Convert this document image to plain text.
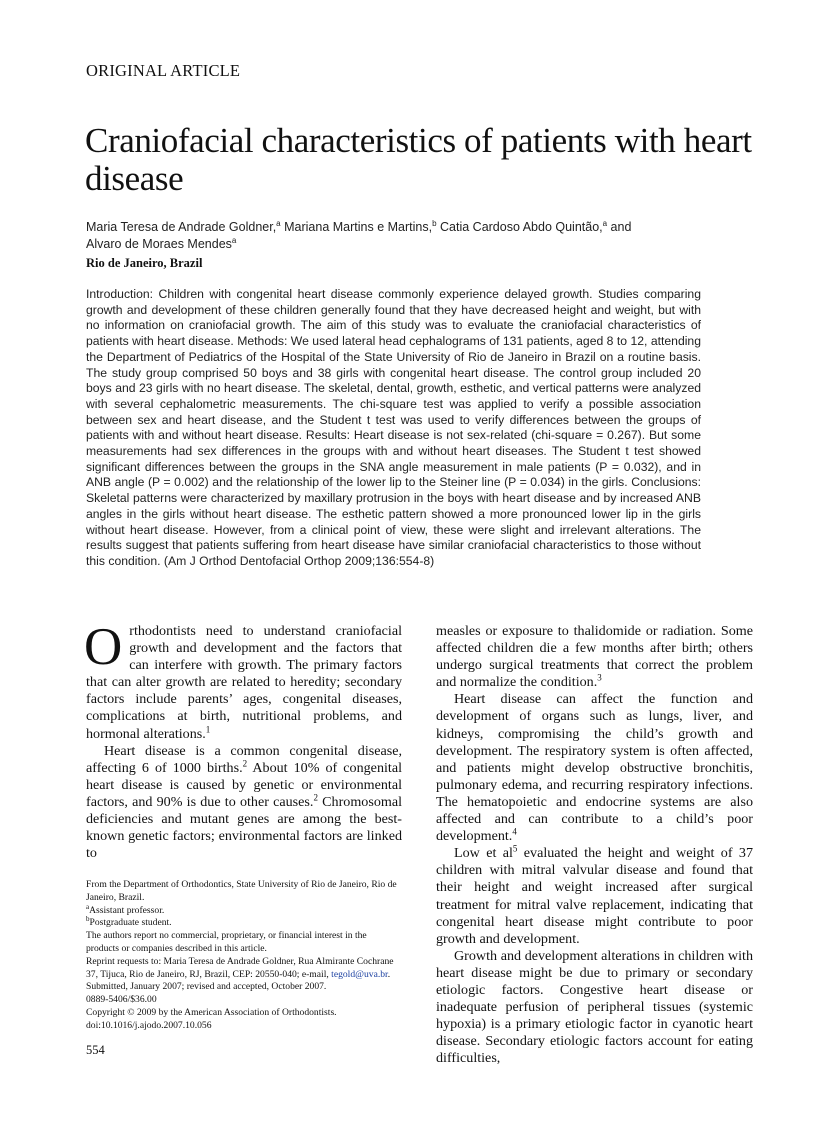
ORIGINAL ARTICLE
Craniofacial characteristics of patients with heart disease
Maria Teresa de Andrade Goldner,$^a$ Mariana Martins e Martins,$^b$ Catia Cardoso Abdo Quintão,$^a$ and
Alvaro de Moraes Mendes$^a$
Rio de Janeiro, Brazil

Introduction: Children with congenital heart disease commonly experience delayed growth. Studies comparing growth and development of these children generally found that they have decreased height and weight, but with no information on craniofacial growth. The aim of this study was to evaluate the craniofacial characteristics of patients with heart disease. Methods: We used lateral head cephalograms of 131 patients, aged 8 to 12, attending the Department of Pediatrics of the Hospital of the State University of Rio de Janeiro in Brazil on a routine basis. The study group comprised 50 boys and 38 girls with congenital heart disease. The control group included 20 boys and 23 girls with no heart disease. The skeletal, dental, growth, esthetic, and vertical patterns were analyzed with several cephalometric measurements. The chi-square test was applied to verify a possible association between sex and heart disease, and the Student t test was used to verify differences between the groups of patients with and without heart disease. Results: Heart disease is not sex-related (chi-square = 0.267). But some measurements had sex differences in the groups with and without heart diseases. The Student t test showed significant differences between the groups in the SNA angle measurement in male patients (P = 0.032), and in ANB angle (P = 0.002) and the relationship of the lower lip to the Steiner line (P = 0.034) in the girls. Conclusions: Skeletal patterns were characterized by maxillary protrusion in the boys with heart disease and by increased ANB angles in the girls without heart disease. The esthetic pattern showed a more pronounced lower lip in the girls without heart disease. However, from a clinical point of view, these were slight and irrelevant alterations. The results suggest that patients suffering from heart disease have similar craniofacial characteristics to those without this condition. (Am J Orthod Dentofacial Orthop 2009;136:554-8)

Orthodontists need to understand craniofacial growth and development and the factors that can interfere with growth. The primary factors that can alter growth are related to heredity; secondary factors include parents’ ages, congenital diseases, complications at birth, nutritional problems, and hormonal alterations.$^1$

Heart disease is a common congenital disease, affecting 6 of 1000 births.$^2$ About 10% of congenital heart disease is caused by genetic or environmental factors, and 90% is due to other causes.$^2$ Chromosomal deficiencies and mutant genes are among the best-known genetic factors; environmental factors are linked to

measles or exposure to thalidomide or radiation. Some affected children die a few months after birth; others undergo surgical treatments that correct the problem and normalize the condition.$^3$

Heart disease can affect the function and development of organs such as lungs, liver, and kidneys, compromising the child’s growth and development. The respiratory system is often affected, and patients might develop obstructive bronchitis, pulmonary edema, and recurring respiratory infections. The hematopoietic and endocrine systems are also affected and can contribute to a child’s poor development.$^4$

Low et $al^5$ evaluated the height and weight of 37 children with mitral valvular disease and found that their height and weight increased after surgical treatment for mitral valve replacement, indicating that congenital heart disease might contribute to poor growth and development.

Growth and development alterations in children with heart disease might be due to primary or secondary etiologic factors. Congestive heart disease or inadequate perfusion of peripheral tissues (systemic hypoxia) is a primary etiologic factor in cyanotic heart disease. Secondary etiologic factors account for eating difficulties,

From the Department of Orthodontics, State University of Rio de Janeiro, Rio de Janeiro, Brazil.
$^a$Assistant professor.
$^b$Postgraduate student.
The authors report no commercial, proprietary, or financial interest in the products or companies described in this article.
Reprint requests to: Maria Teresa de Andrade Goldner, Rua Almirante Cochrane 37, Tijuca, Rio de Janeiro, RJ, Brazil, CEP: 20550-040; e-mail, tegold@uva.br.
Submitted, January 2007; revised and accepted, October 2007.
0889-5406/$36.00
Copyright © 2009 by the American Association of Orthodontists.
doi:10.1016/j.ajodo.2007.10.056
554
